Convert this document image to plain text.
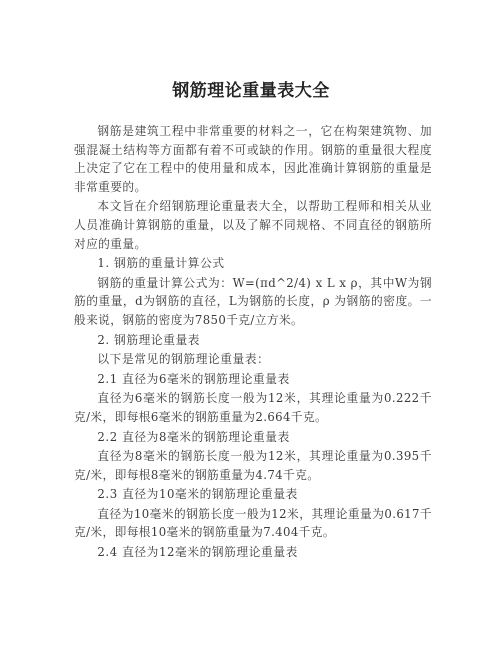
钢筋理论重量表大全

钢筋是建筑工程中非常重要的材料之一，它在构架建筑物、加强混凝土结构等方面都有着不可或缺的作用。钢筋的重量很大程度上决定了它在工程中的使用量和成本，因此准确计算钢筋的重量是非常重要的。

本文旨在介绍钢筋理论重量表大全，以帮助工程师和相关从业人员准确计算钢筋的重量，以及了解不同规格、不同直径的钢筋所对应的重量。

1. 钢筋的重量计算公式

钢筋的重量计算公式为：W=(πd^2/4) x L x ρ，其中W为钢筋的重量，d为钢筋的直径，L为钢筋的长度，ρ 为钢筋的密度。一般来说，钢筋的密度为7850千克/立方米。

2. 钢筋理论重量表

以下是常见的钢筋理论重量表：

2.1 直径为6毫米的钢筋理论重量表

直径为6毫米的钢筋长度一般为12米，其理论重量为0.222千克/米，即每根6毫米的钢筋重量为2.664千克。

2.2 直径为8毫米的钢筋理论重量表

直径为8毫米的钢筋长度一般为12米，其理论重量为0.395千克/米，即每根8毫米的钢筋重量为4.74千克。

2.3 直径为10毫米的钢筋理论重量表

直径为10毫米的钢筋长度一般为12米，其理论重量为0.617千克/米，即每根10毫米的钢筋重量为7.404千克。

2.4 直径为12毫米的钢筋理论重量表
